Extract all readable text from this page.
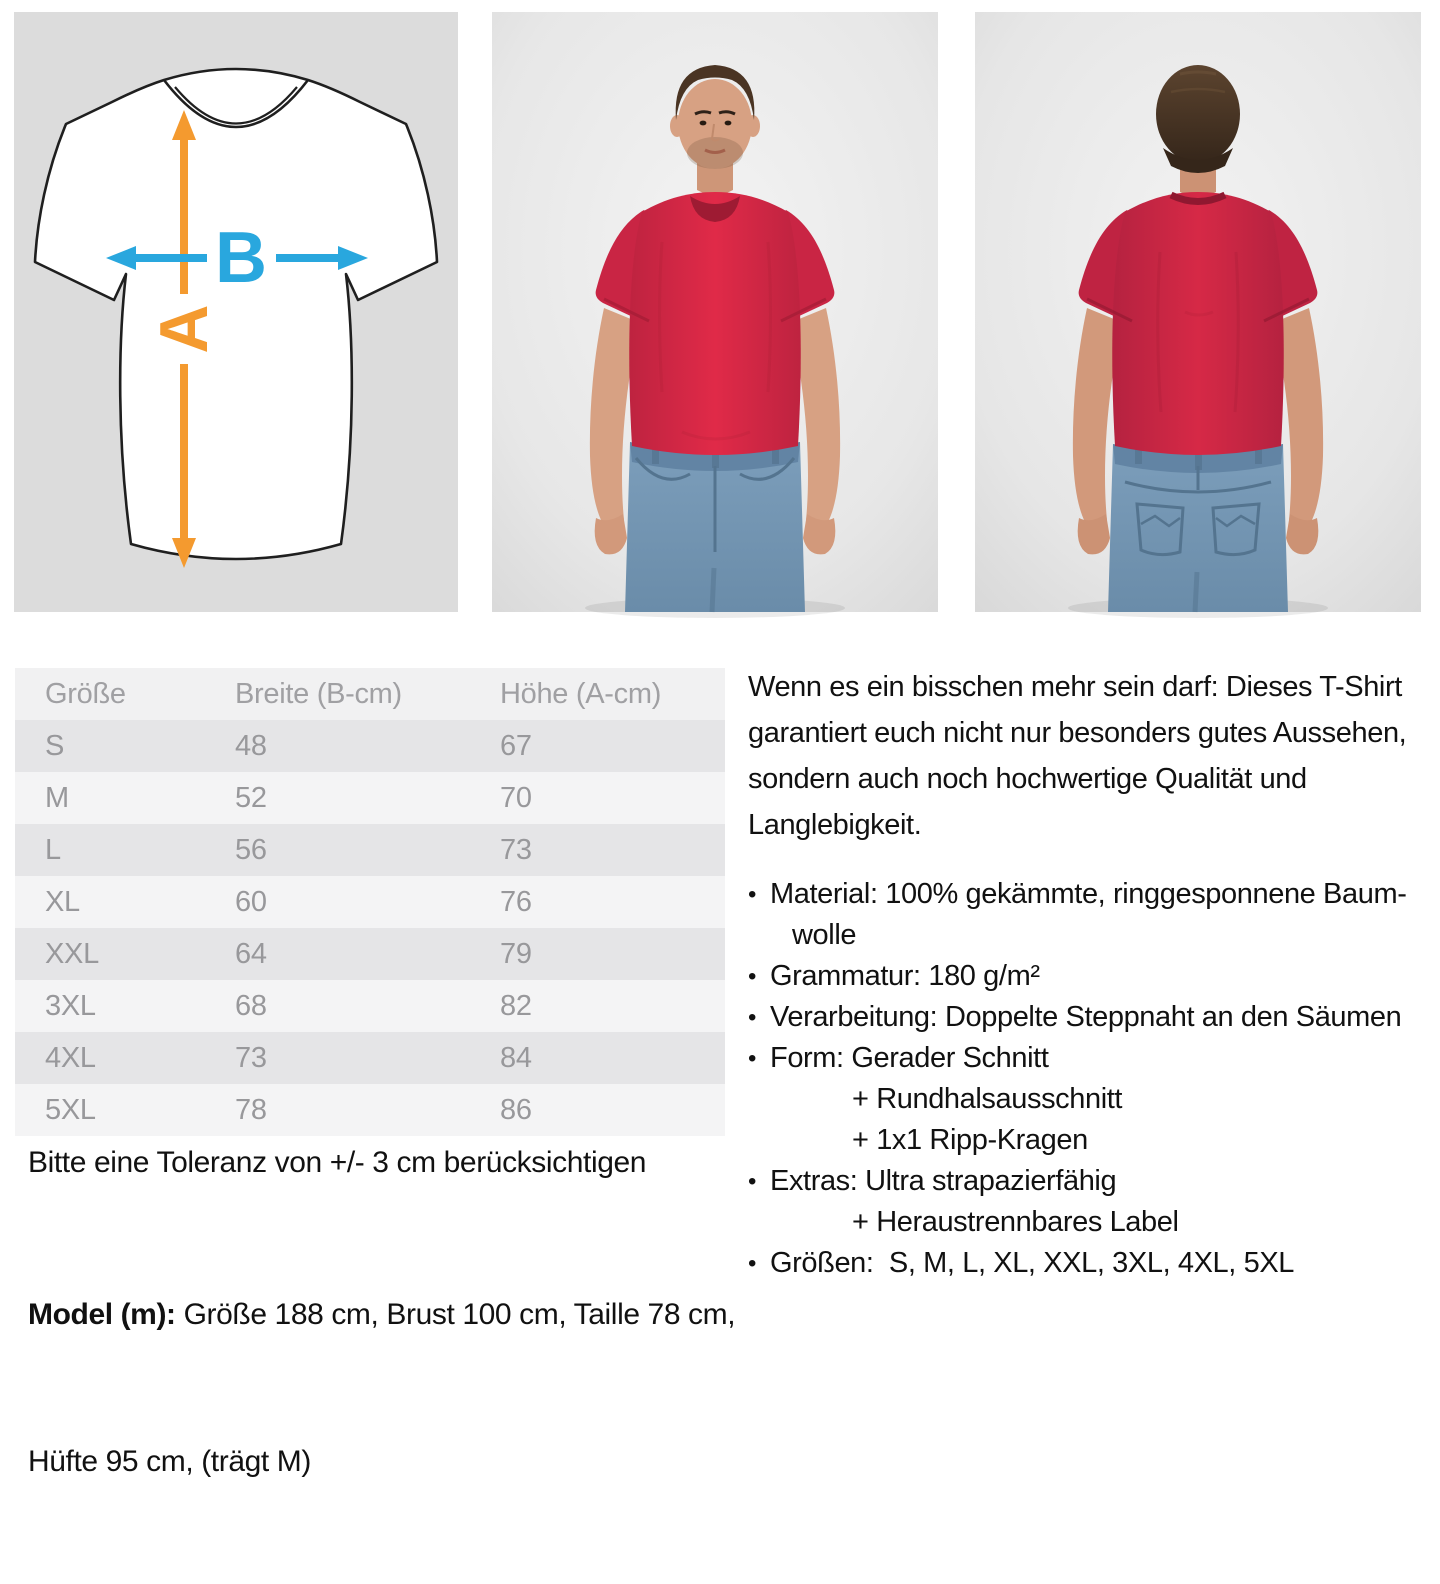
A
B
Größe	Breite (B-cm)	Höhe (A-cm)
S	48	67
M	52	70
L	56	73
XL	60	76
XXL	64	79
3XL	68	82
4XL	73	84
5XL	78	86
Bitte eine Toleranz von +/- 3 cm berücksichtigen

Model (m): Größe 188 cm, Brust 100 cm, Taille 78 cm,

Hüfte 95 cm, (trägt M)

Wenn es ein bisschen mehr sein darf: Dieses T-Shirt
garantiert euch nicht nur besonders gutes Aussehen,
sondern auch noch hochwertige Qualität und
Langlebigkeit.
• Material: 100% gekämmte, ringgesponnene Baum-
wolle
• Grammatur: 180 g/m²
• Verarbeitung: Doppelte Steppnaht an den Säumen
• Form: Gerader Schnitt
+ Rundhalsausschnitt
+ 1x1 Ripp-Kragen
• Extras: Ultra strapazierfähig
+ Heraustrennbares Label
• Größen:  S, M, L, XL, XXL, 3XL, 4XL, 5XL
